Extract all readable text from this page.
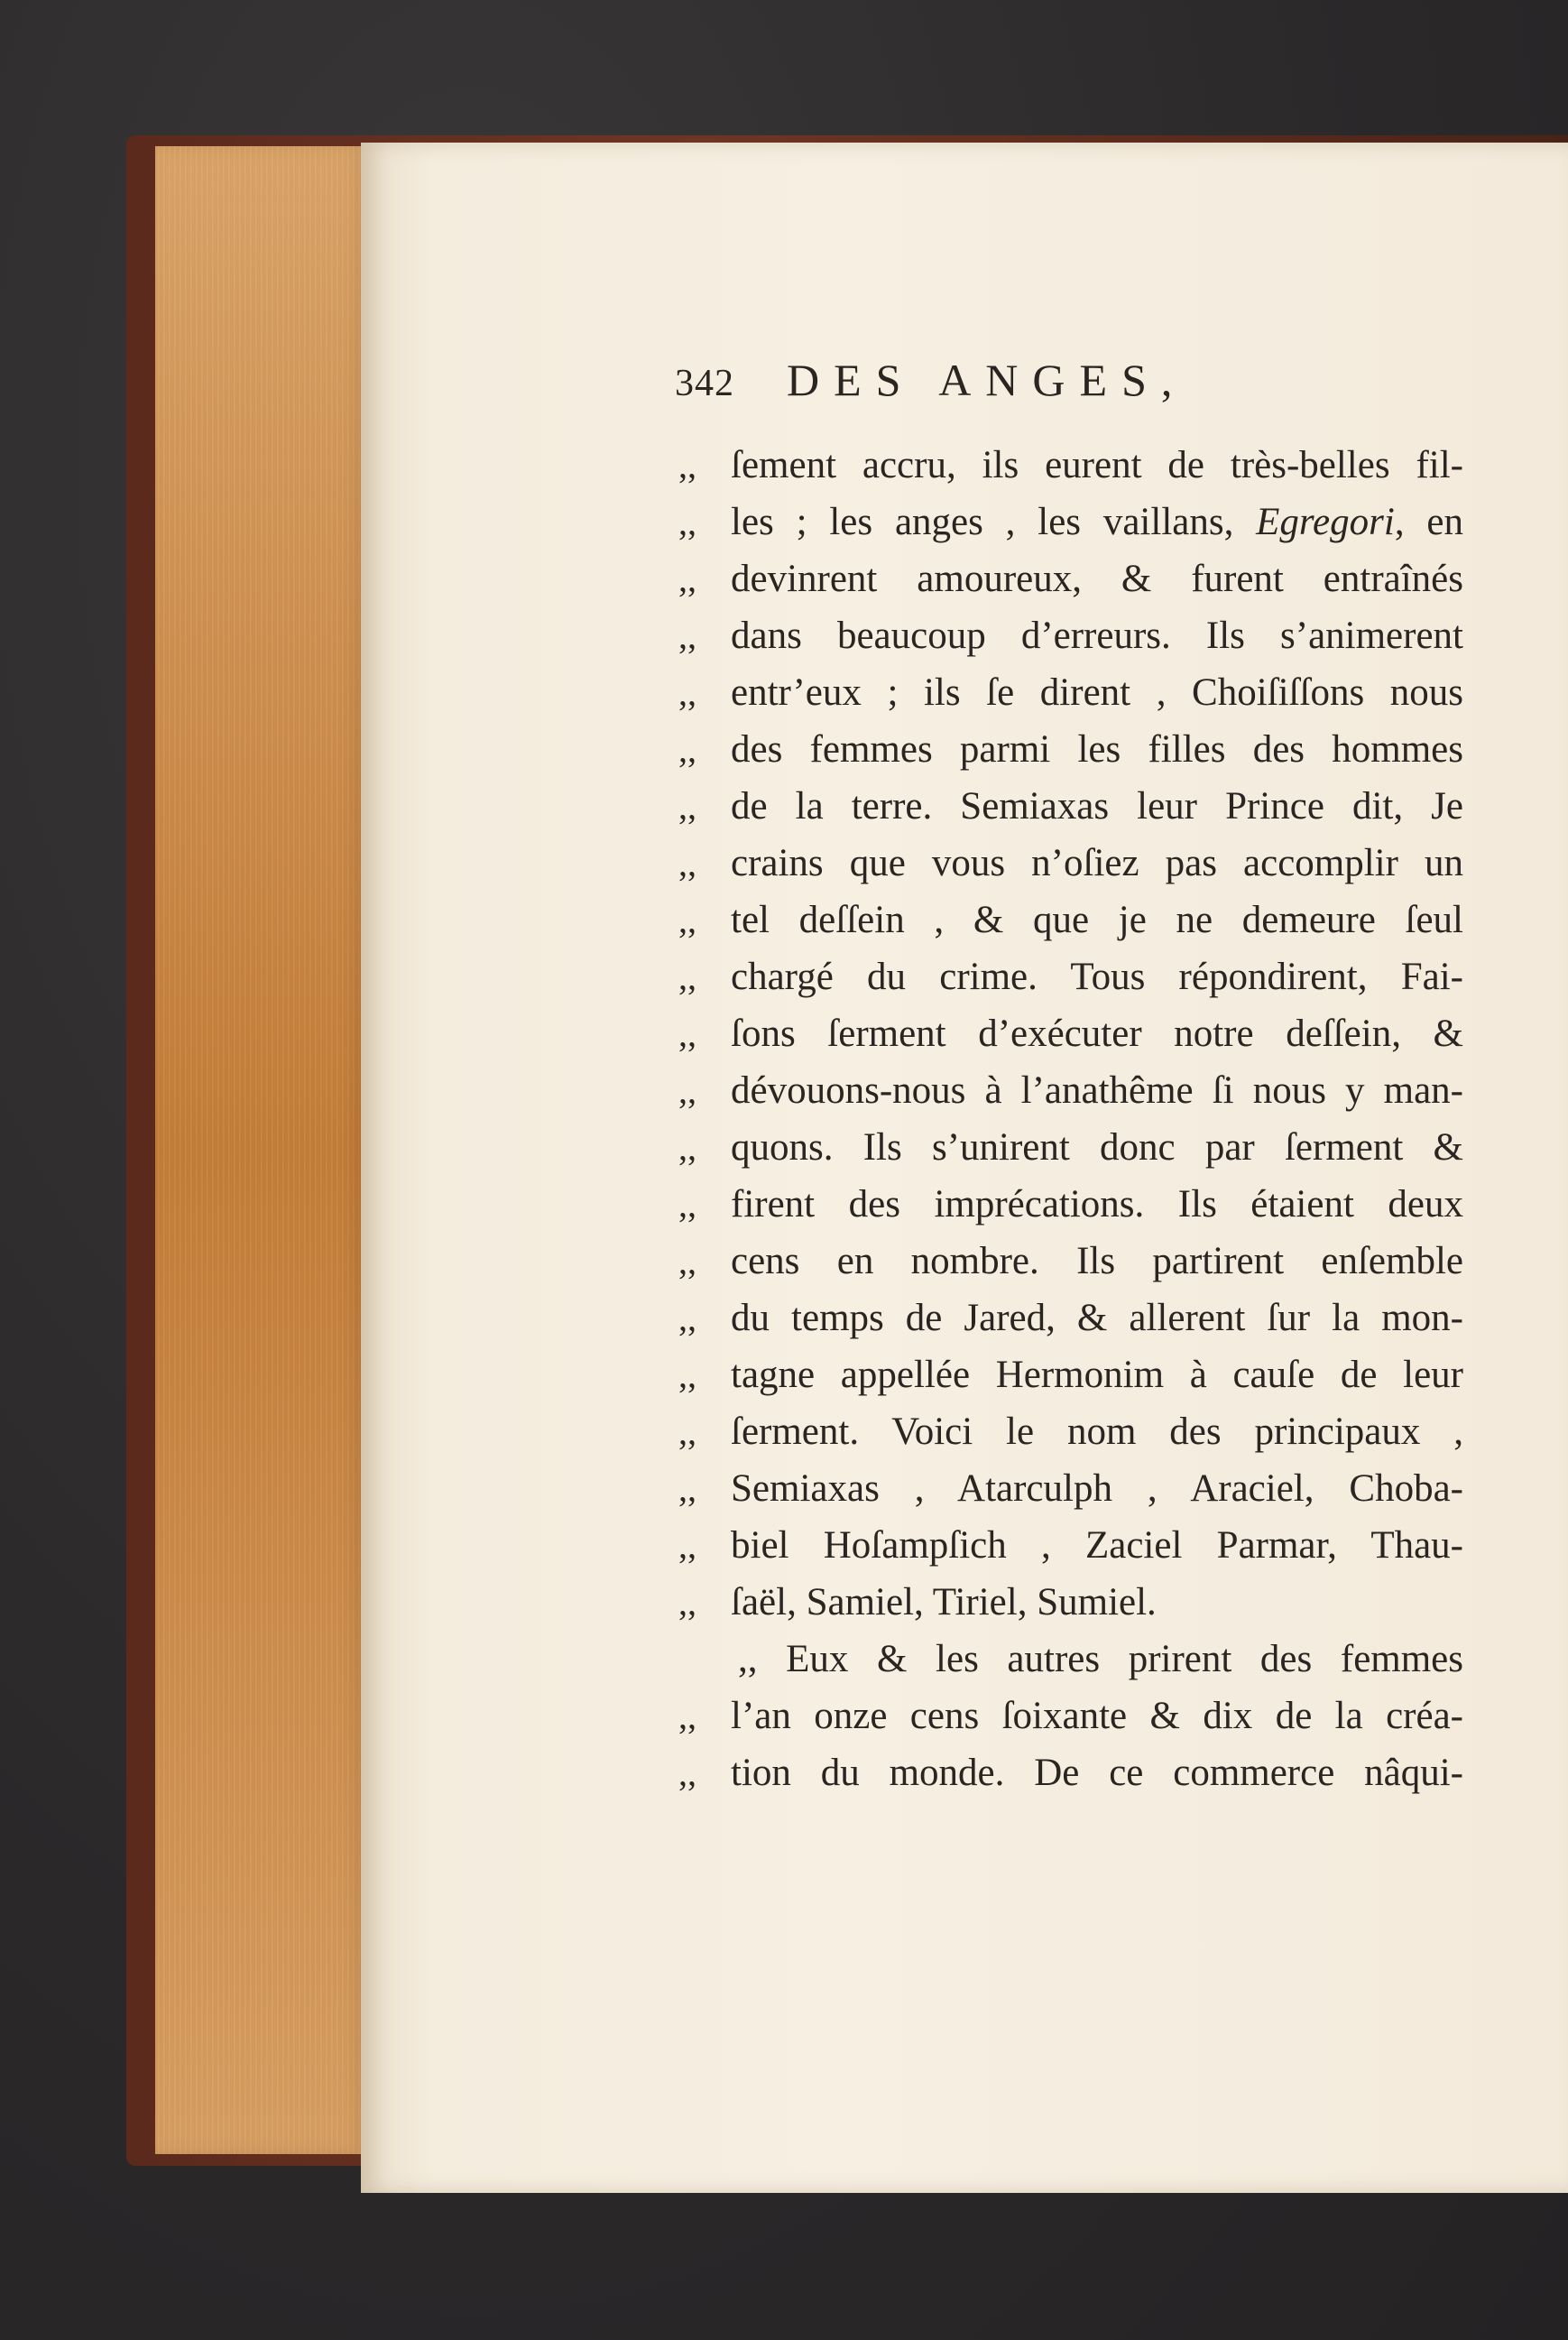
342 DES ANGES,
,, ſement accru, ils eurent de très-belles fil-
,, les ; les anges , les vaillans, Egregori, en
,, devinrent amoureux, & furent entraînés
,, dans beaucoup d’erreurs. Ils s’animerent
,, entr’eux ; ils ſe dirent , Choiſiſſons nous
,, des femmes parmi les filles des hommes
,, de la terre. Semiaxas leur Prince dit, Je
,, crains que vous n’oſiez pas accomplir un
,, tel deſſein , & que je ne demeure ſeul
,, chargé du crime. Tous répondirent, Fai-
,, ſons ſerment d’exécuter notre deſſein, &
,, dévouons-nous à l’anathême ſi nous y man-
,, quons. Ils s’unirent donc par ſerment &
,, firent des imprécations. Ils étaient deux
,, cens en nombre. Ils partirent enſemble
,, du temps de Jared, & allerent ſur la mon-
,, tagne appellée Hermonim à cauſe de leur
,, ſerment. Voici le nom des principaux ,
,, Semiaxas , Atarculph , Araciel, Choba-
,, biel Hoſampſich , Zaciel Parmar, Thau-
,, ſaël, Samiel, Tiriel, Sumiel.
,, Eux & les autres prirent des femmes
,, l’an onze cens ſoixante & dix de la créa-
,, tion du monde. De ce commerce nâqui-
